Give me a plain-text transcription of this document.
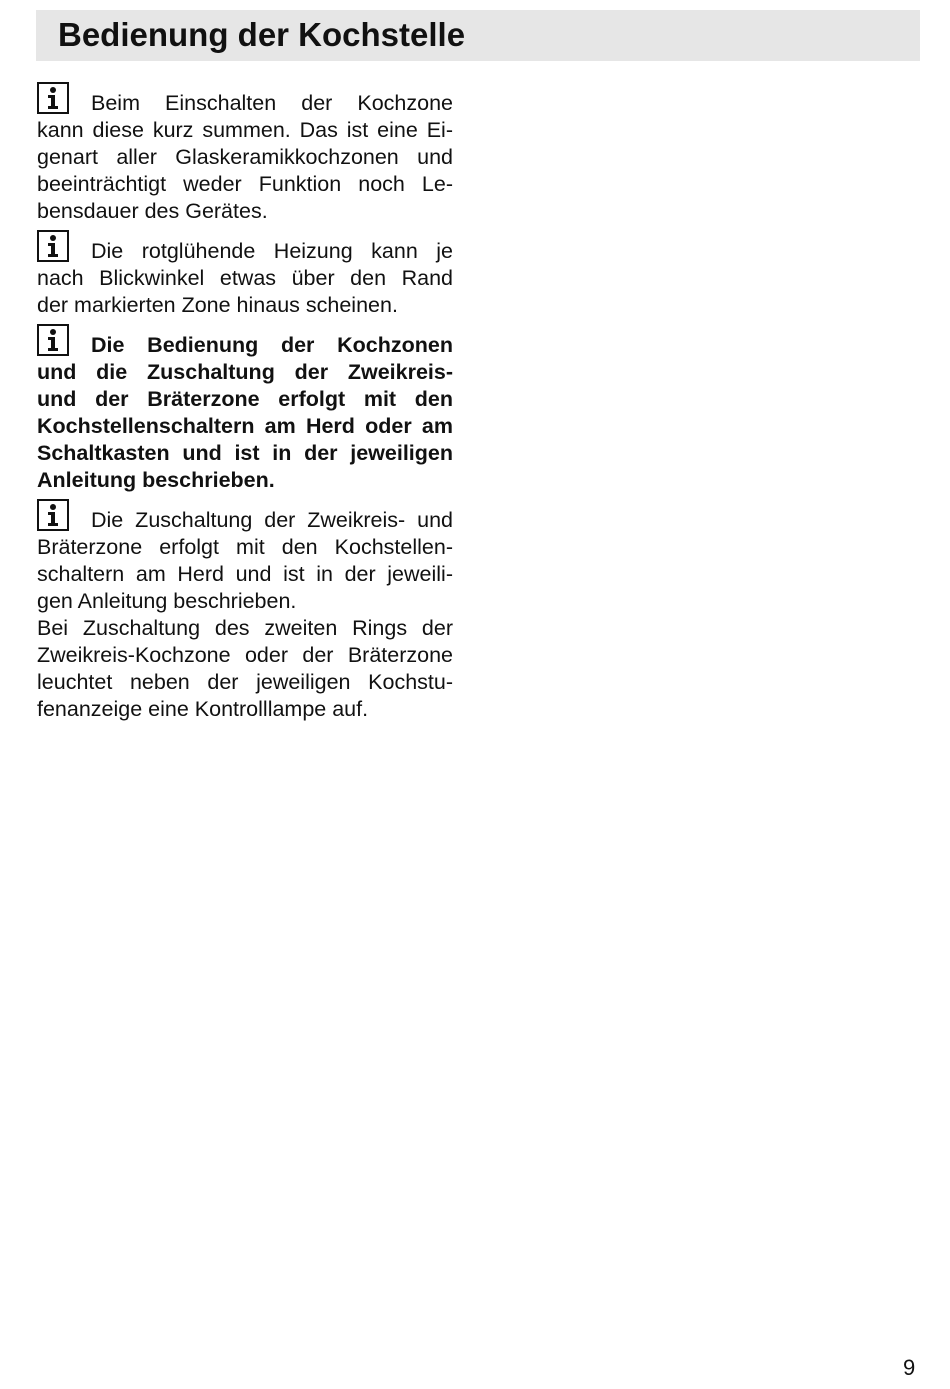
Bedienung der Kochstelle

Beim Einschalten der Kochzone
kann diese kurz summen. Das ist eine Ei-
genart aller Glaskeramikkochzonen und
beeinträchtigt weder Funktion noch Le-
bensdauer des Gerätes.

Die rotglühende Heizung kann je
nach Blickwinkel etwas über den Rand
der markierten Zone hinaus scheinen.

Die Bedienung der Kochzonen
und die Zuschaltung der Zweikreis-
und der Bräterzone erfolgt mit den
Kochstellenschaltern am Herd oder am
Schaltkasten und ist in der jeweiligen
Anleitung beschrieben.

Die Zuschaltung der Zweikreis- und
Bräterzone erfolgt mit den Kochstellen-
schaltern am Herd und ist in der jeweili-
gen Anleitung beschrieben.

Bei Zuschaltung des zweiten Rings der
Zweikreis-Kochzone oder der Bräterzone
leuchtet neben der jeweiligen Kochstu-
fenanzeige eine Kontrolllampe auf.

9
